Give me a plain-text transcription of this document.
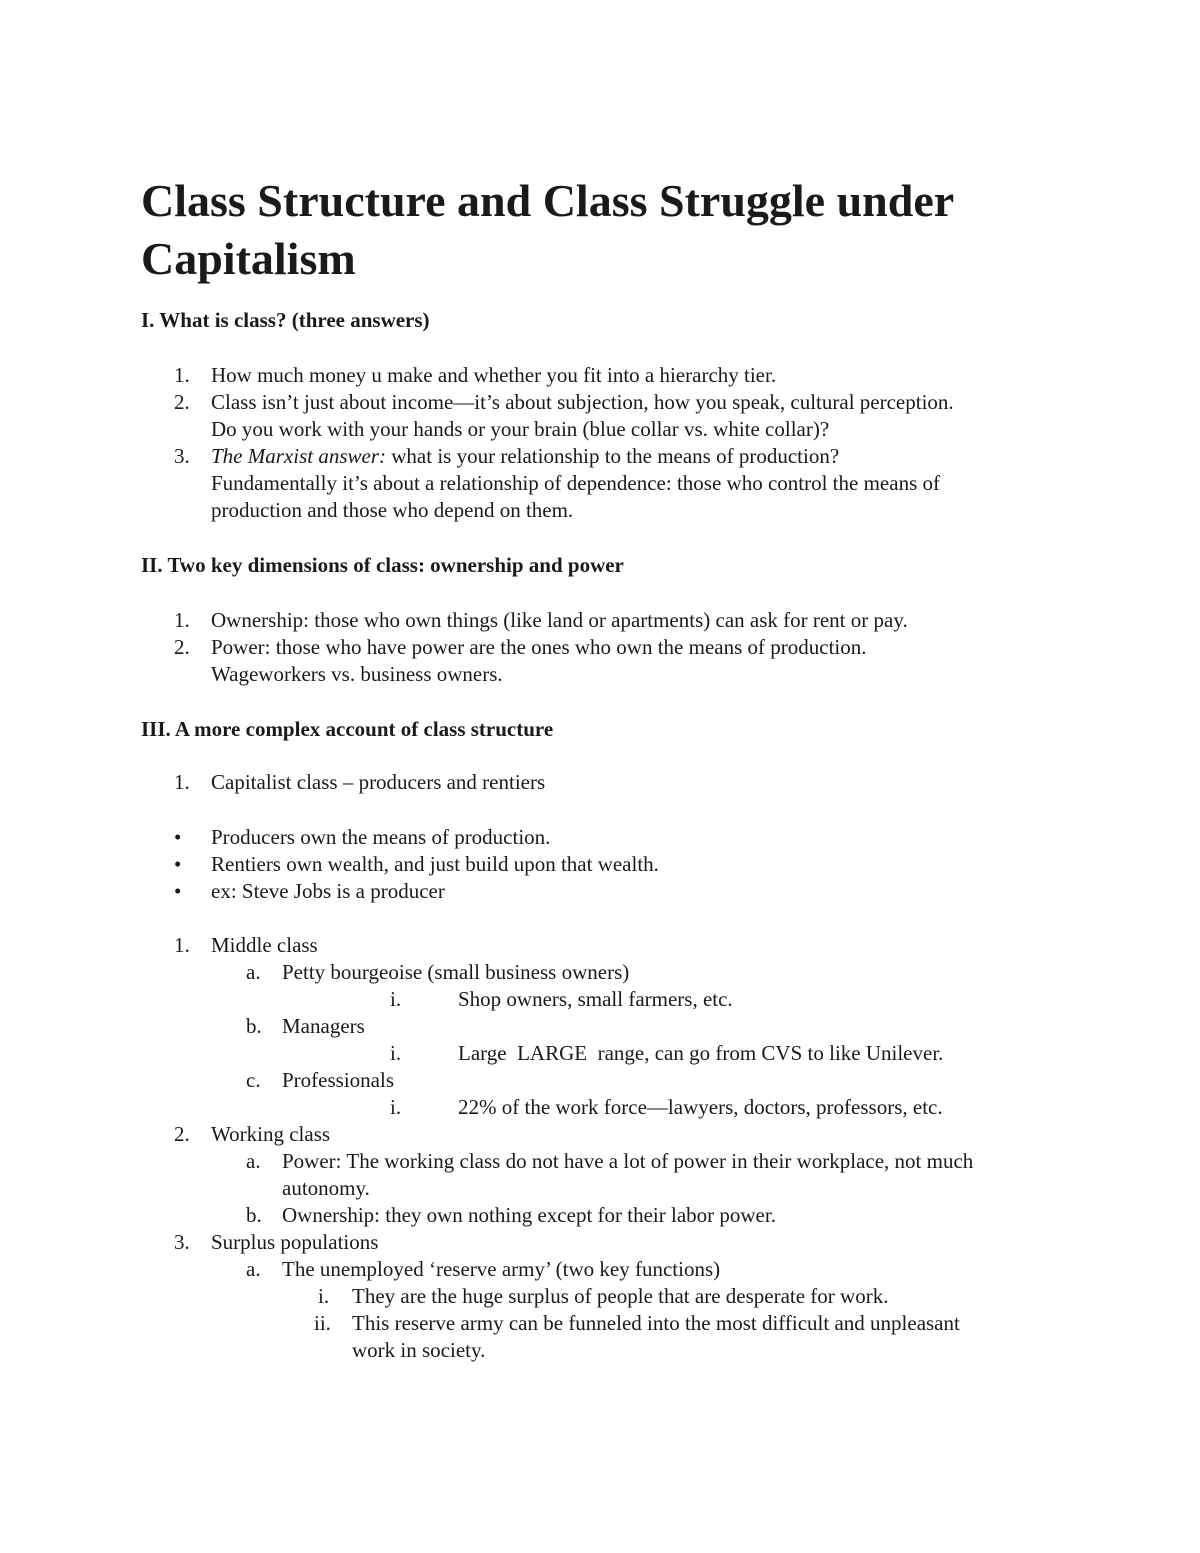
Class Structure and Class Struggle under Capitalism
I. What is class? (three answers)
1. How much money u make and whether you fit into a hierarchy tier.
2. Class isn’t just about income—it’s about subjection, how you speak, cultural perception.
Do you work with your hands or your brain (blue collar vs. white collar)?
3. The Marxist answer: what is your relationship to the means of production?
Fundamentally it’s about a relationship of dependence: those who control the means of
production and those who depend on them.
II. Two key dimensions of class: ownership and power
1. Ownership: those who own things (like land or apartments) can ask for rent or pay.
2. Power: those who have power are the ones who own the means of production.
Wageworkers vs. business owners.
III. A more complex account of class structure
1. Capitalist class – producers and rentiers
• Producers own the means of production.
• Rentiers own wealth, and just build upon that wealth.
• ex: Steve Jobs is a producer
1. Middle class
a. Petty bourgeoise (small business owners)
i.	Shop owners, small farmers, etc.
b. Managers
i.	Large  LARGE  range, can go from CVS to like Unilever.
c. Professionals
i.	22% of the work force—lawyers, doctors, professors, etc.
2. Working class
a. Power: The working class do not have a lot of power in their workplace, not much
autonomy.
b. Ownership: they own nothing except for their labor power.
3. Surplus populations
a. The unemployed ‘reserve army’ (two key functions)
i. They are the huge surplus of people that are desperate for work.
ii. This reserve army can be funneled into the most difficult and unpleasant
work in society.
